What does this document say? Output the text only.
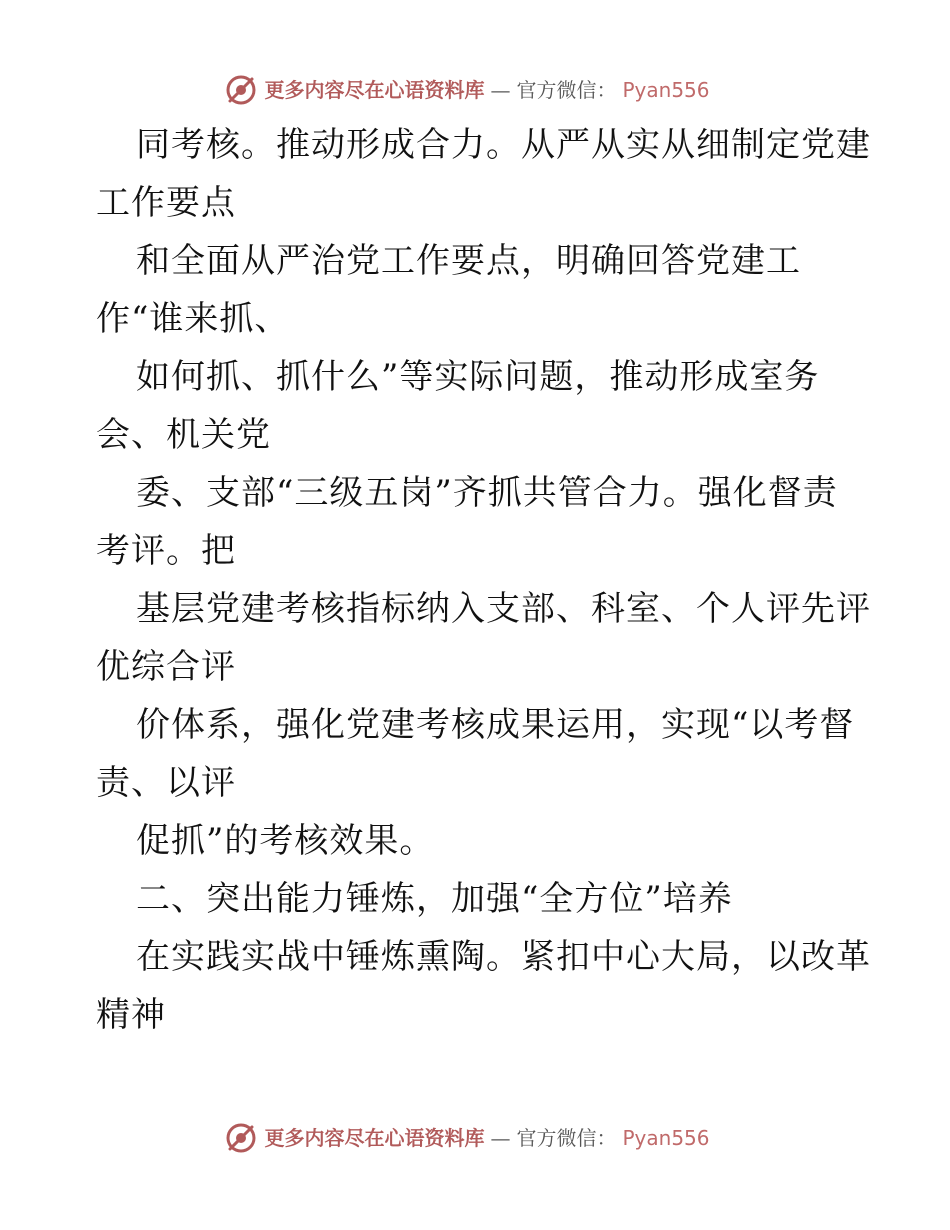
更多内容尽在心语资料库 — 官方微信： Pyan556
同考核。推动形成合力。从严从实从细制定党建
工作要点
和全面从严治党工作要点，明确回答党建工
作“谁来抓、
如何抓、抓什么”等实际问题，推动形成室务
会、机关党
委、支部“三级五岗”齐抓共管合力。强化督责
考评。把
基层党建考核指标纳入支部、科室、个人评先评
优综合评
价体系，强化党建考核成果运用，实现“以考督
责、以评
促抓”的考核效果。
二、突出能力锤炼，加强“全方位”培养
在实践实战中锤炼熏陶。紧扣中心大局，以改革
精神
更多内容尽在心语资料库 — 官方微信： Pyan556
